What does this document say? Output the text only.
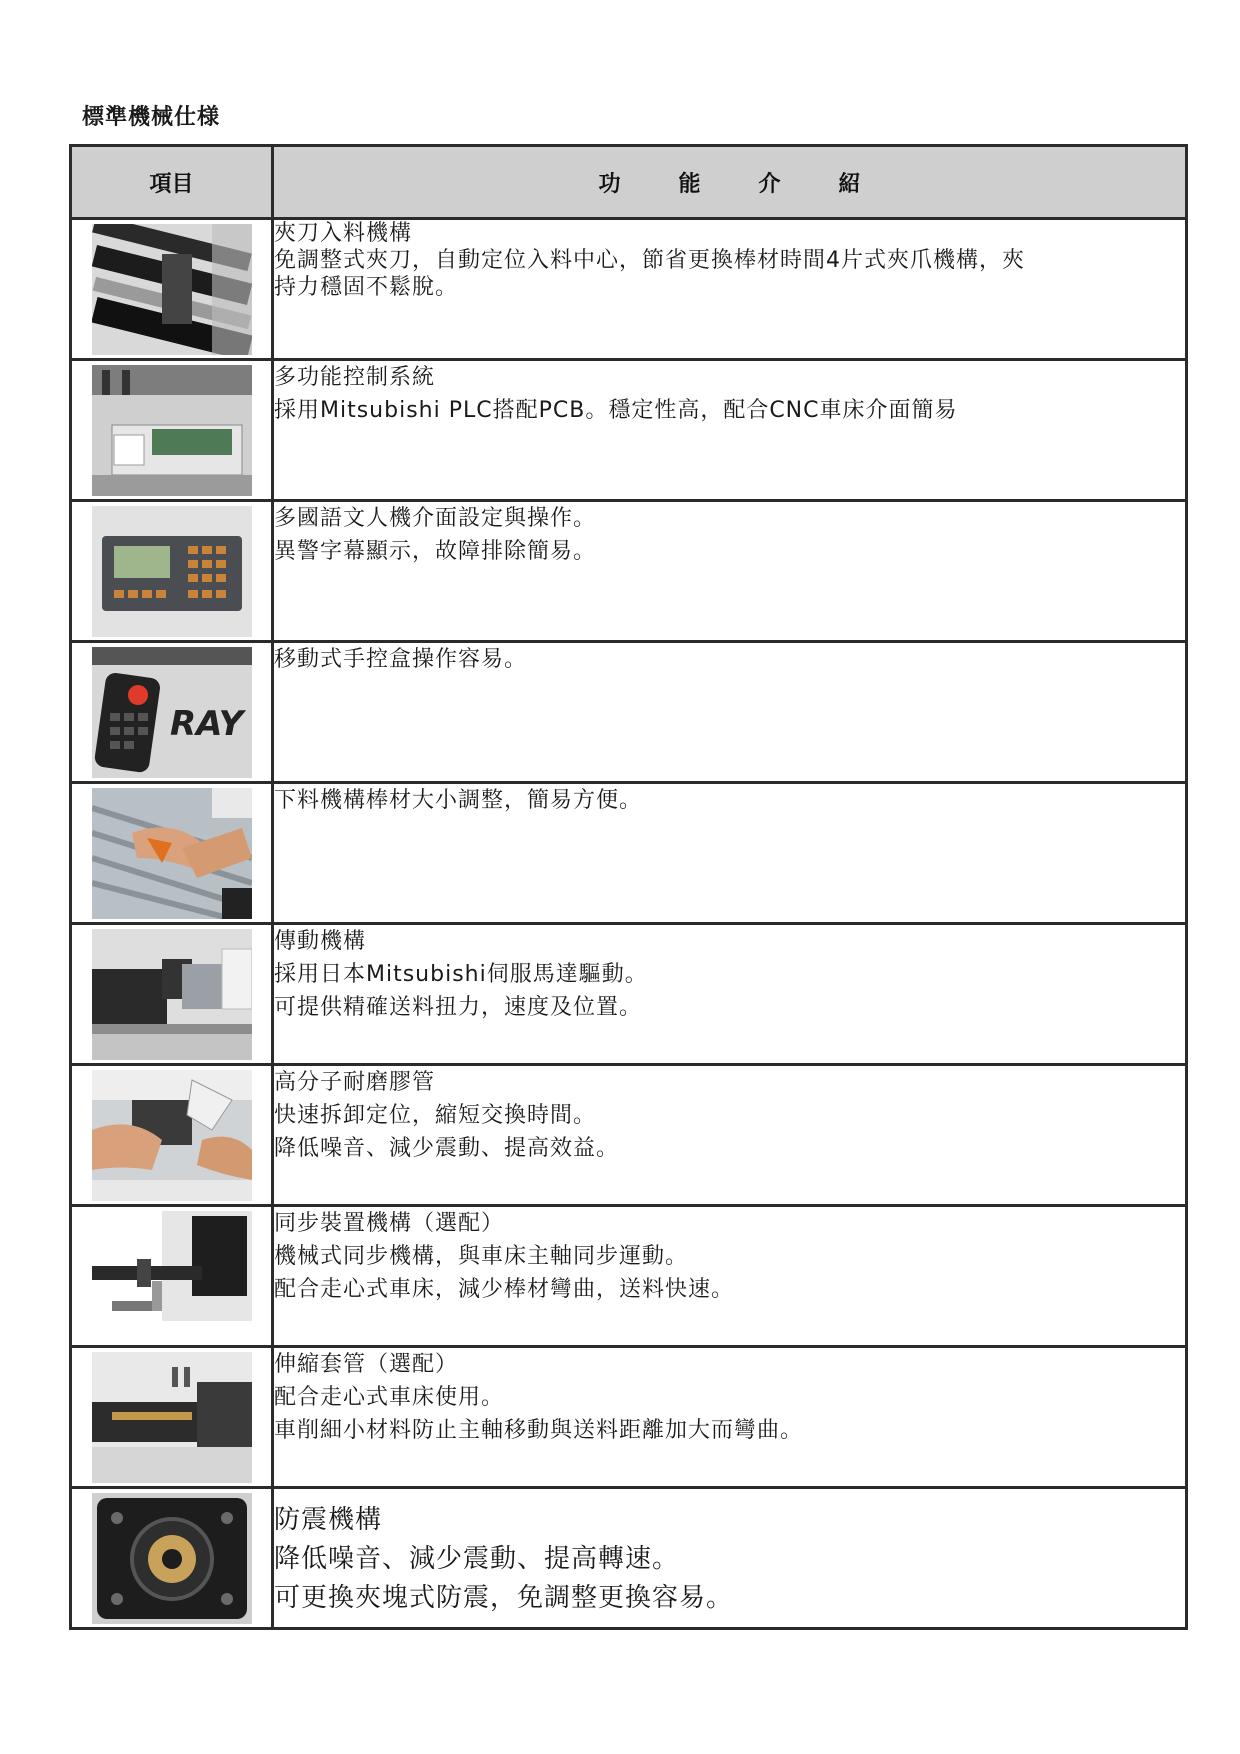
標準機械仕様
項目	功能介紹

夾刀入料機構
免調整式夾刀，自動定位入料中心，節省更換棒材時間4片式夾爪機構，夾
持力穩固不鬆脫。

多功能控制系統
採用Mitsubishi PLC搭配PCB。穩定性高，配合CNC車床介面簡易

多國語文人機介面設定與操作。
異警字幕顯示，故障排除簡易。

RAY	移動式手控盒操作容易。

下料機構棒材大小調整，簡易方便。

傳動機構
採用日本Mitsubishi伺服馬達驅動。
可提供精確送料扭力，速度及位置。

高分子耐磨膠管
快速拆卸定位，縮短交換時間。
降低噪音、減少震動、提高效益。

同步裝置機構（選配）
機械式同步機構，與車床主軸同步運動。
配合走心式車床，減少棒材彎曲，送料快速。

伸縮套管（選配）
配合走心式車床使用。
車削細小材料防止主軸移動與送料距離加大而彎曲。

防震機構
降低噪音、減少震動、提高轉速。
可更換夾塊式防震，免調整更換容易。
